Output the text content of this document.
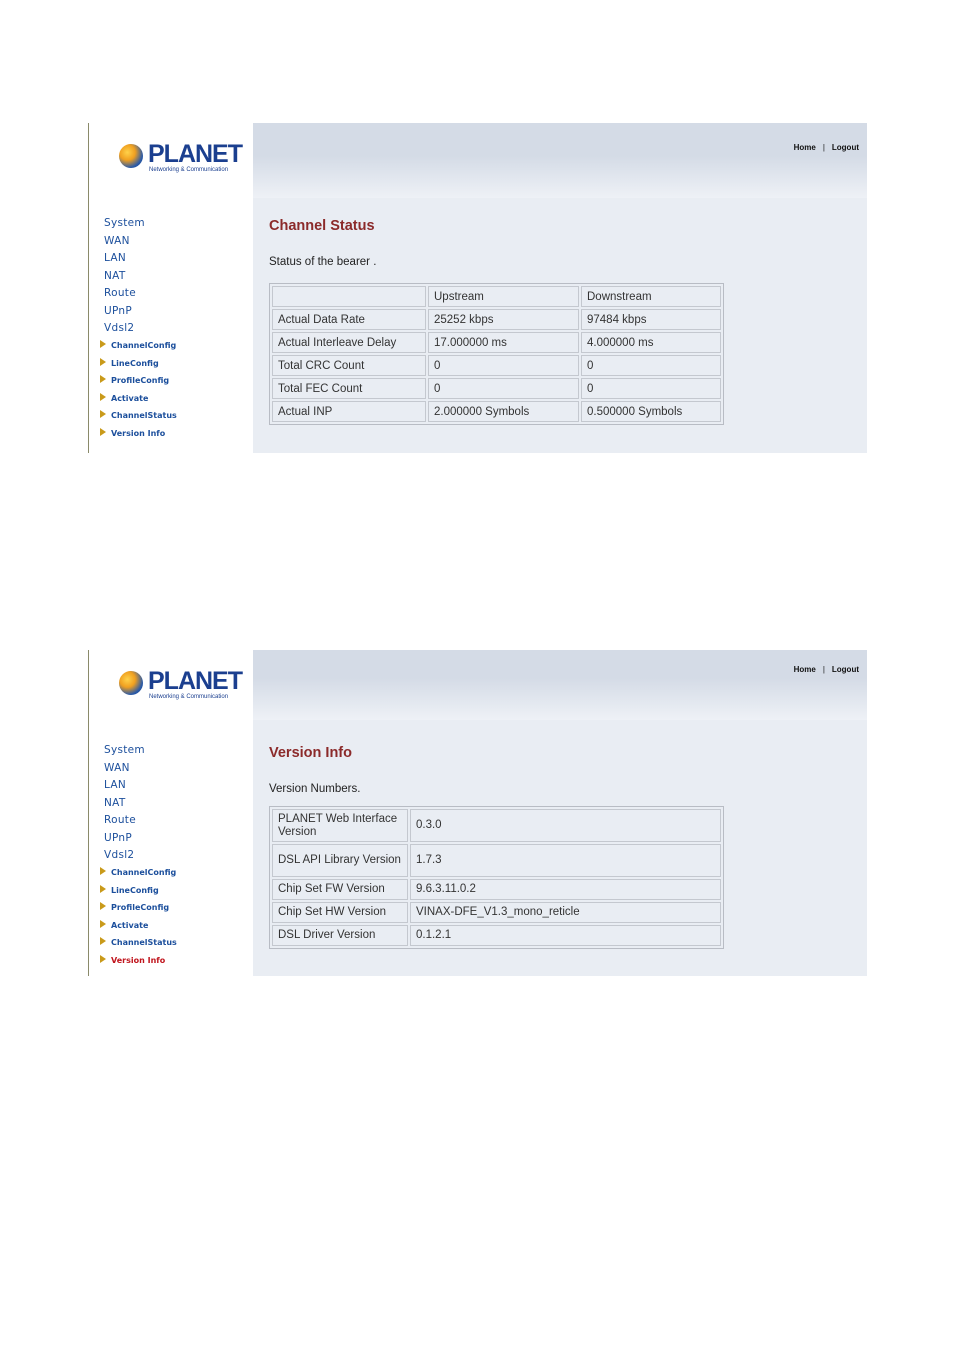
PLANET
Networking & Communication
System
WAN
LAN
NAT
Route
UPnP
Vdsl2
ChannelConfig
LineConfig
ProfileConfig
Activate
ChannelStatus
Version Info
Home | Logout
Channel Status
Status of the bearer .
	Upstream	Downstream
Actual Data Rate	25252 kbps	97484 kbps
Actual Interleave Delay	17.000000 ms	4.000000 ms
Total CRC Count	0	0
Total FEC Count	0	0
Actual INP	2.000000 Symbols	0.500000 Symbols
PLANET
Networking & Communication
System
WAN
LAN
NAT
Route
UPnP
Vdsl2
ChannelConfig
LineConfig
ProfileConfig
Activate
ChannelStatus
Version Info
Home | Logout
Version Info
Version Numbers.
PLANET Web Interface Version	0.3.0
DSL API Library Version	1.7.3
Chip Set FW Version	9.6.3.11.0.2
Chip Set HW Version	VINAX-DFE_V1.3_mono_reticle
DSL Driver Version	0.1.2.1
